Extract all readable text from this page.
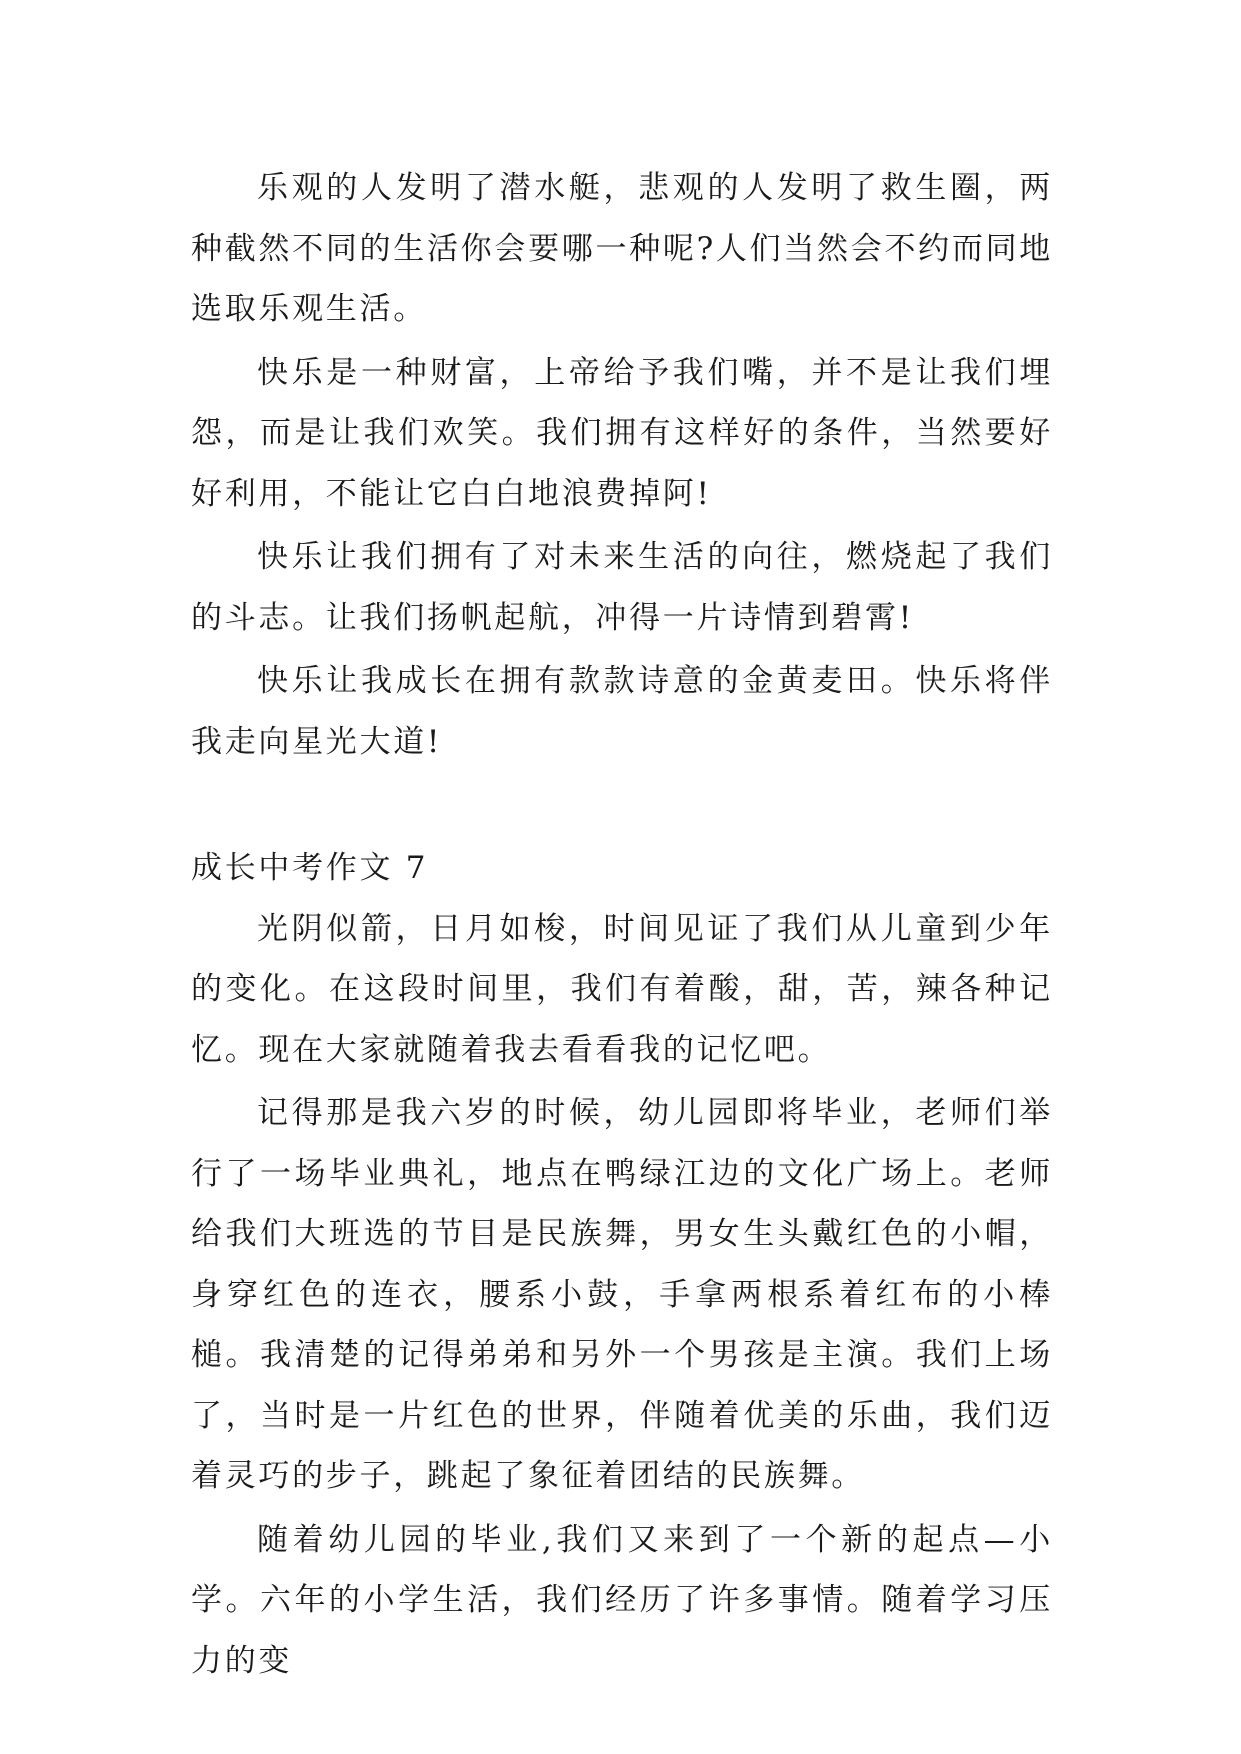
乐观的人发明了潜水艇，悲观的人发明了救生圈，两种截然不同的生活你会要哪一种呢?人们当然会不约而同地选取乐观生活。

快乐是一种财富，上帝给予我们嘴，并不是让我们埋怨，而是让我们欢笑。我们拥有这样好的条件，当然要好好利用，不能让它白白地浪费掉阿!

快乐让我们拥有了对未来生活的向往，燃烧起了我们的斗志。让我们扬帆起航，冲得一片诗情到碧霄!

快乐让我成长在拥有款款诗意的金黄麦田。快乐将伴我走向星光大道!

成长中考作文 7

光阴似箭，日月如梭，时间见证了我们从儿童到少年的变化。在这段时间里，我们有着酸，甜，苦，辣各种记忆。现在大家就随着我去看看我的记忆吧。

记得那是我六岁的时候，幼儿园即将毕业，老师们举行了一场毕业典礼，地点在鸭绿江边的文化广场上。老师给我们大班选的节目是民族舞，男女生头戴红色的小帽，身穿红色的连衣，腰系小鼓，手拿两根系着红布的小棒槌。我清楚的记得弟弟和另外一个男孩是主演。我们上场了，当时是一片红色的世界，伴随着优美的乐曲，我们迈着灵巧的步子，跳起了象征着团结的民族舞。

随着幼儿园的毕业,我们又来到了一个新的起点—小学。六年的小学生活，我们经历了许多事情。随着学习压力的变
